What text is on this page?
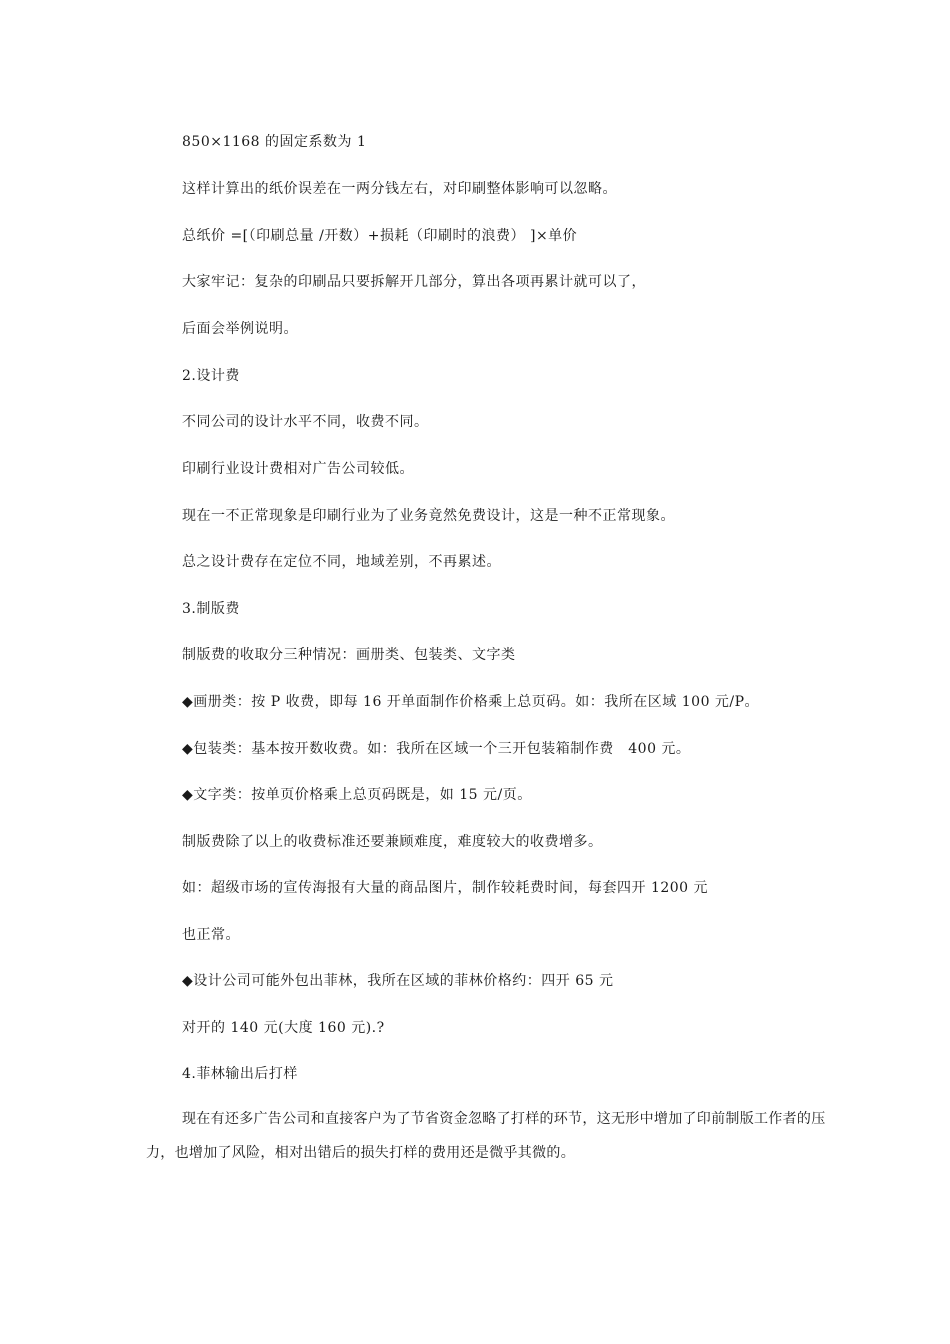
850×1168 的固定系数为 1
这样计算出的纸价误差在一两分钱左右，对印刷整体影响可以忽略。
总纸价 =[（印刷总量 /开数）+损耗（印刷时的浪费） ]×单价
大家牢记：复杂的印刷品只要拆解开几部分，算出各项再累计就可以了，
后面会举例说明。
2.设计费
不同公司的设计水平不同，收费不同。
印刷行业设计费相对广告公司较低。
现在一不正常现象是印刷行业为了业务竟然免费设计，这是一种不正常现象。
总之设计费存在定位不同，地域差别，不再累述。
3.制版费
制版费的收取分三种情况：画册类、包装类、文字类
◆画册类：按 P 收费，即每 16 开单面制作价格乘上总页码。如：我所在区域 100 元/P。
◆包装类：基本按开数收费。如：我所在区域一个三开包装箱制作费　400 元。
◆文字类：按单页价格乘上总页码既是，如 15 元/页。
制版费除了以上的收费标准还要兼顾难度，难度较大的收费增多。
如：超级市场的宣传海报有大量的商品图片，制作较耗费时间，每套四开 1200 元
也正常。
◆设计公司可能外包出菲林，我所在区域的菲林价格约：四开 65 元
对开的 140 元(大度 160 元).?
4.菲林输出后打样
现在有还多广告公司和直接客户为了节省资金忽略了打样的环节，这无形中增加了印前制版工作者的压力，也增加了风险，相对出错后的损失打样的费用还是微乎其微的。
